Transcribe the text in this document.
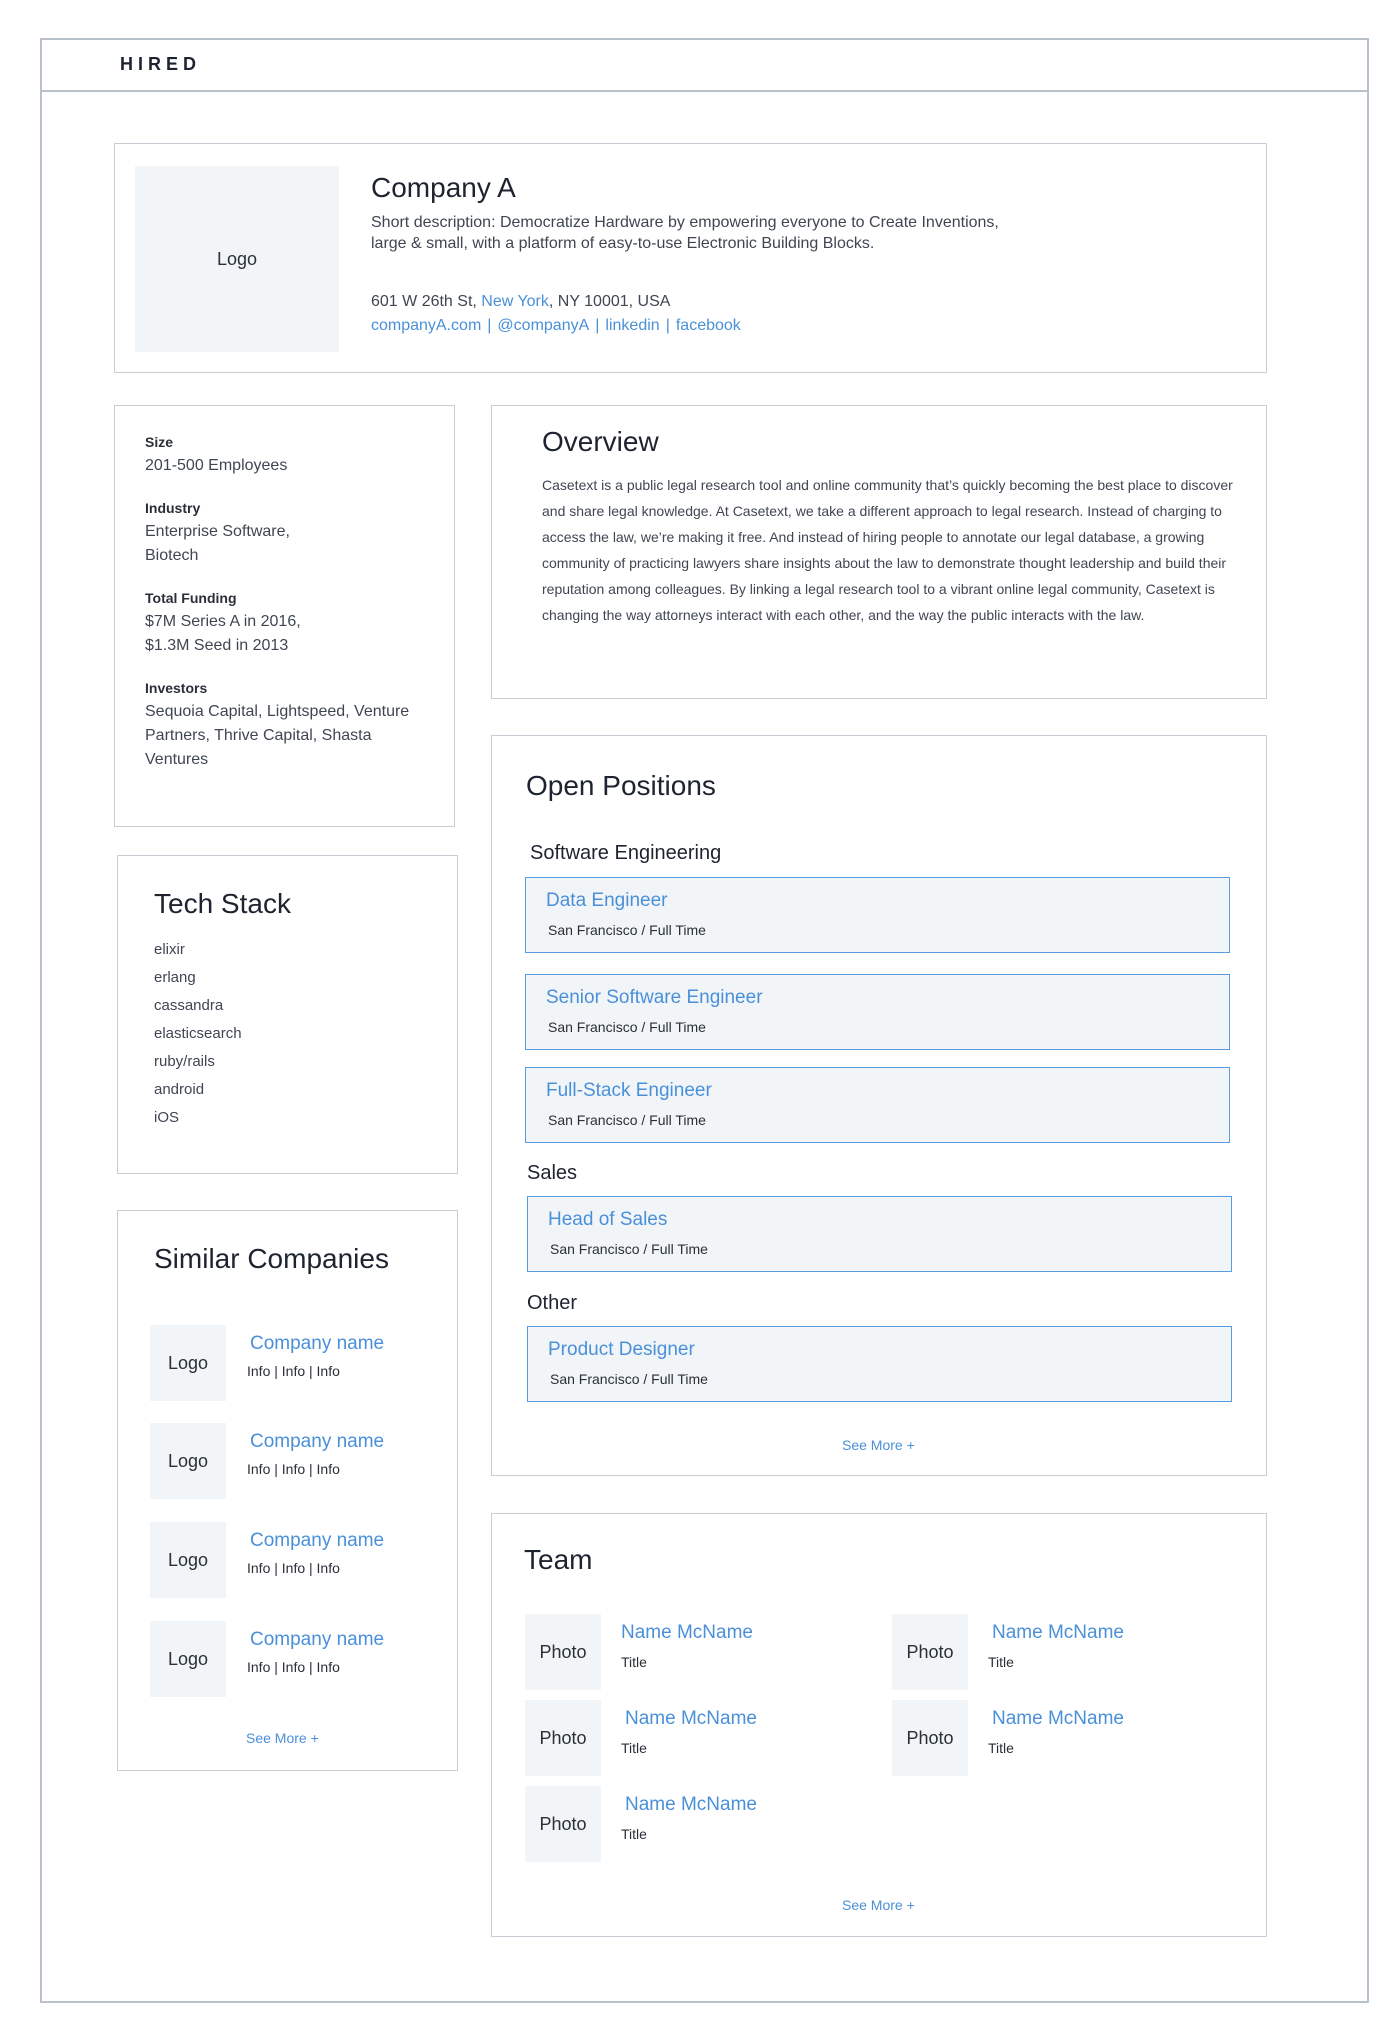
HIRED
Logo
Company A
Short description: Democratize Hardware by empowering everyone to Create Inventions, large & small, with a platform of easy-to-use Electronic Building Blocks.
601 W 26th St, New York, NY 10001, USA
companyA.com | @companyA | linkedin | facebook
Size
201-500 Employees
Industry
Enterprise Software,
Biotech
Total Funding
$7M Series A in 2016,
$1.3M Seed in 2013
Investors
Sequoia Capital, Lightspeed, Venture
Partners, Thrive Capital, Shasta
Ventures
Overview

Casetext is a public legal research tool and online community that’s quickly becoming the best place to discover and share legal knowledge. At Casetext, we take a different approach to legal research. Instead of charging to access the law, we’re making it free. And instead of hiring people to annotate our legal database, a growing community of practicing lawyers share insights about the law to demonstrate thought leadership and build their reputation among colleagues. By linking a legal research tool to a vibrant online legal community, Casetext is changing the way attorneys interact with each other, and the way the public interacts with the law.

Tech Stack
elixir
erlang
cassandra
elasticsearch
ruby/rails
android
iOS
Similar Companies
Logo
Company name
Info | Info | Info
Logo
Company name
Info | Info | Info
Logo
Company name
Info | Info | Info
Logo
Company name
Info | Info | Info
See More +
Open Positions
Software Engineering
Data Engineer
San Francisco / Full Time
Senior Software Engineer
San Francisco / Full Time
Full-Stack Engineer
San Francisco / Full Time
Sales
Head of Sales
San Francisco / Full Time
Other
Product Designer
San Francisco / Full Time
See More +
Team
Photo
Name McName
Title
Photo
Name McName
Title
Photo
Name McName
Title
Photo
Name McName
Title
Photo
Name McName
Title
See More +
